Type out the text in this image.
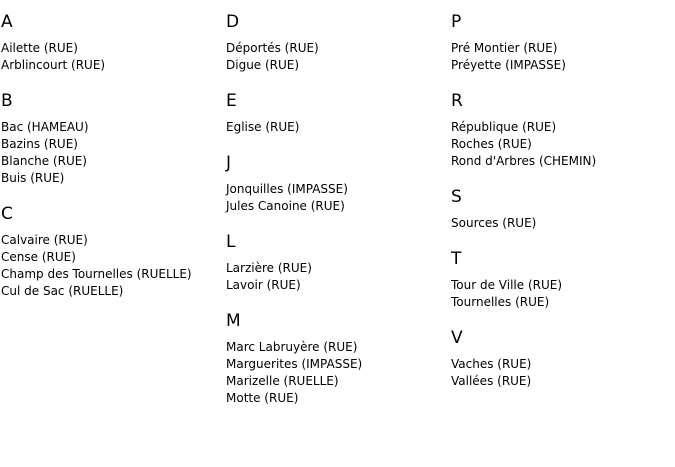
A
Ailette (RUE)
Arblincourt (RUE)
B
Bac (HAMEAU)
Bazins (RUE)
Blanche (RUE)
Buis (RUE)
C
Calvaire (RUE)
Cense (RUE)
Champ des Tournelles (RUELLE)
Cul de Sac (RUELLE)
D
Déportés (RUE)
Digue (RUE)
E
Eglise (RUE)
J
Jonquilles (IMPASSE)
Jules Canoine (RUE)
L
Larzière (RUE)
Lavoir (RUE)
M
Marc Labruyère (RUE)
Marguerites (IMPASSE)
Marizelle (RUELLE)
Motte (RUE)
P
Pré Montier (RUE)
Préyette (IMPASSE)
R
République (RUE)
Roches (RUE)
Rond d'Arbres (CHEMIN)
S
Sources (RUE)
T
Tour de Ville (RUE)
Tournelles (RUE)
V
Vaches (RUE)
Vallées (RUE)
